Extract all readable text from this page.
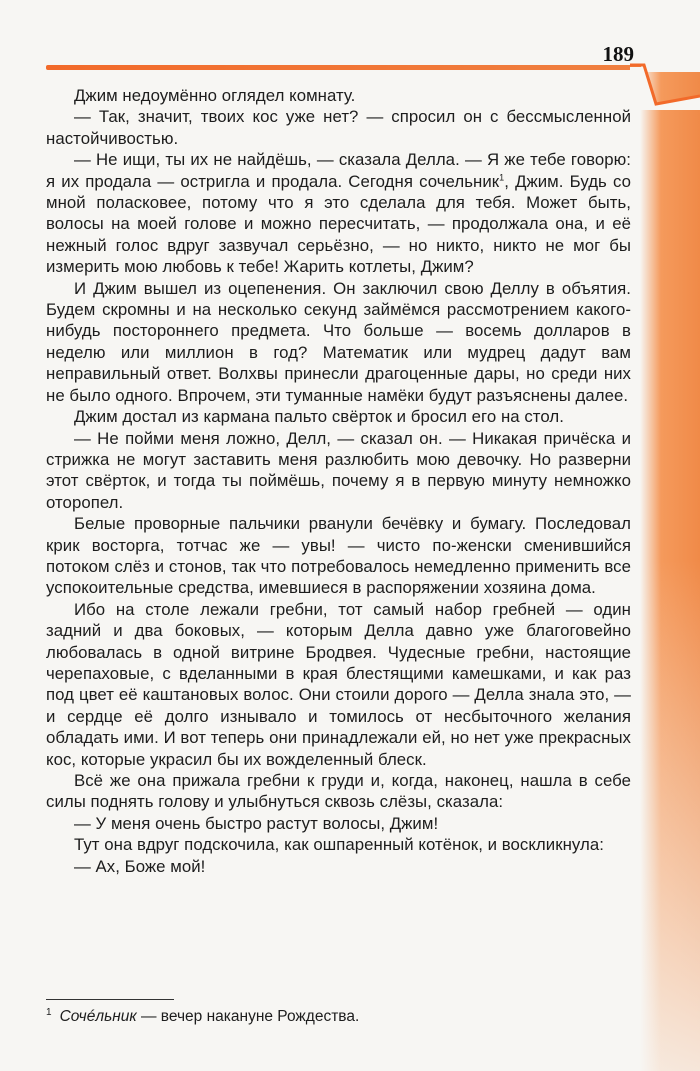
189

Джим недоумённо оглядел комнату.

— Так, значит, твоих кос уже нет? — спросил он с бессмысленной настойчивостью.

— Не ищи, ты их не найдёшь, — сказала Делла. — Я же тебе говорю: я их продала — остригла и продала. Сегодня сочельник$^1$, Джим. Будь со мной поласковее, потому что я это сделала для тебя. Может быть, волосы на моей голове и можно пересчитать, — продолжала она, и её нежный голос вдруг зазвучал серьёзно, — но никто, никто не мог бы измерить мою любовь к тебе! Жарить котлеты, Джим?

И Джим вышел из оцепенения. Он заключил свою Деллу в объятия. Будем скромны и на несколько секунд займёмся рассмотрением какого-нибудь постороннего предмета. Что больше — восемь долларов в неделю или миллион в год? Математик или мудрец дадут вам неправильный ответ. Волхвы принесли драгоценные дары, но среди них не было одного. Впрочем, эти туманные намёки будут разъяснены далее.

Джим достал из кармана пальто свёрток и бросил его на стол.

— Не пойми меня ложно, Делл, — сказал он. — Никакая причёска и стрижка не могут заставить меня разлюбить мою девочку. Но разверни этот свёрток, и тогда ты поймёшь, почему я в первую минуту немножко оторопел.

Белые проворные пальчики рванули бечёвку и бумагу. Последовал крик восторга, тотчас же — увы! — чисто по-женски сменившийся потоком слёз и стонов, так что потребовалось немедленно применить все успокоительные средства, имевшиеся в распоряжении хозяина дома.

Ибо на столе лежали гребни, тот самый набор гребней — один задний и два боковых, — которым Делла давно уже благоговейно любовалась в одной витрине Бродвея. Чудесные гребни, настоящие черепаховые, с вделанными в края блестящими камешками, и как раз под цвет её каштановых волос. Они стоили дорого — Делла знала это, — и сердце её долго изнывало и томилось от несбыточного желания обладать ими. И вот теперь они принадлежали ей, но нет уже прекрасных кос, которые украсил бы их вожделенный блеск.

Всё же она прижала гребни к груди и, когда, наконец, нашла в себе силы поднять голову и улыбнуться сквозь слёзы, сказала:

— У меня очень быстро растут волосы, Джим!

Тут она вдруг подскочила, как ошпаренный котёнок, и воскликнула:

— Ах, Боже мой!

$^1$ Сочéльник — вечер накануне Рождества.
